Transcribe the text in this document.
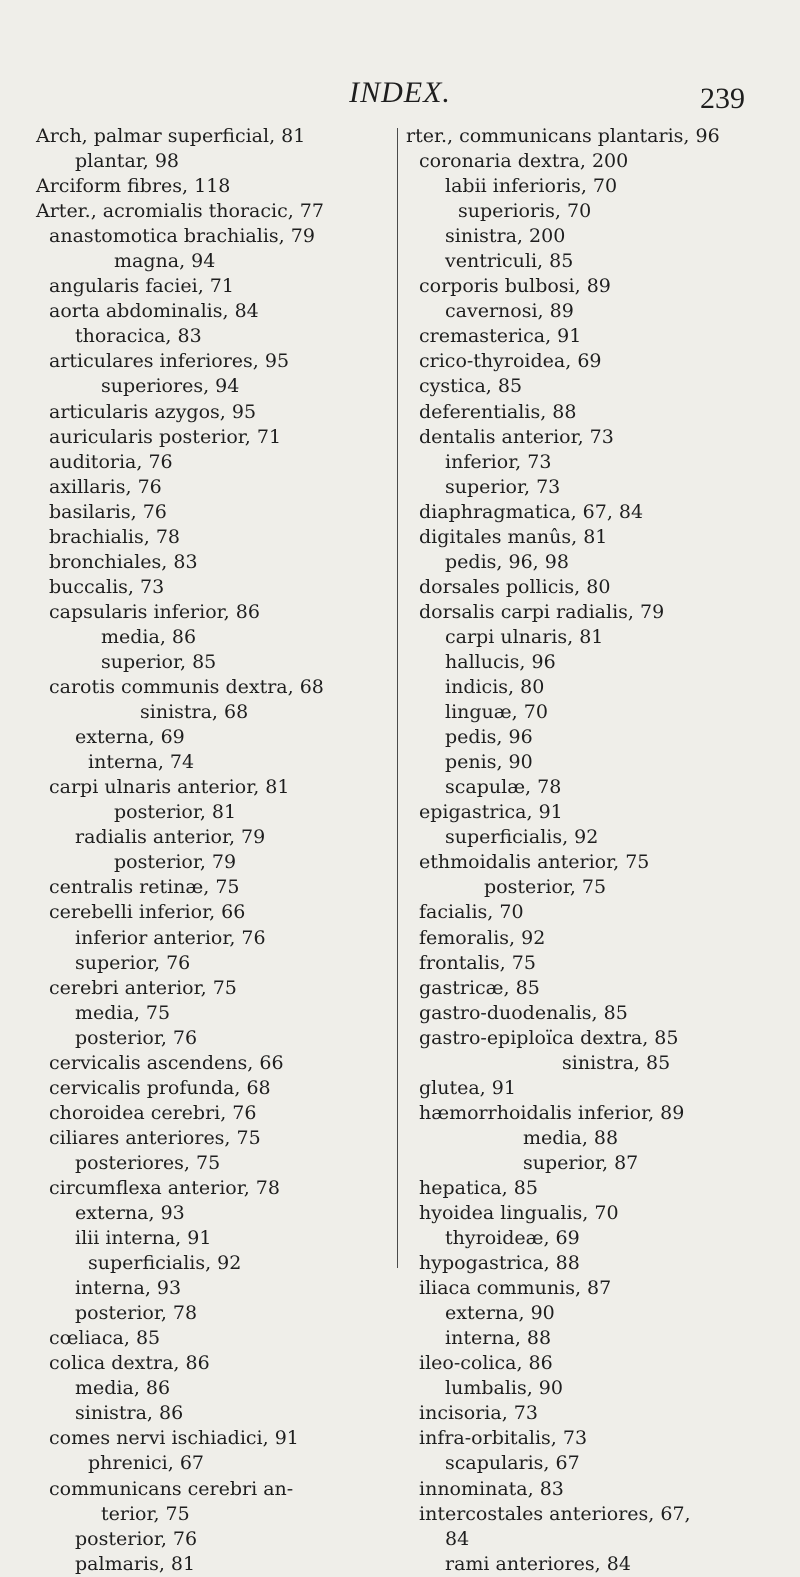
INDEX.	239
Arch, palmar superficial, 81
plantar, 98
Arciform fibres, 118
Arter., acromialis thoracic, 77
anastomotica brachialis, 79
magna, 94
angularis faciei, 71
aorta abdominalis, 84
thoracica, 83
articulares inferiores, 95
superiores, 94
articularis azygos, 95
auricularis posterior, 71
auditoria, 76
axillaris, 76
basilaris, 76
brachialis, 78
bronchiales, 83
buccalis, 73
capsularis inferior, 86
media, 86
superior, 85
carotis communis dextra, 68
sinistra, 68
externa, 69
interna, 74
carpi ulnaris anterior, 81
posterior, 81
radialis anterior, 79
posterior, 79
centralis retinæ, 75
cerebelli inferior, 66
inferior anterior, 76
superior, 76
cerebri anterior, 75
media, 75
posterior, 76
cervicalis ascendens, 66
cervicalis profunda, 68
choroidea cerebri, 76
ciliares anteriores, 75
posteriores, 75
circumflexa anterior, 78
externa, 93
ilii interna, 91
superficialis, 92
interna, 93
posterior, 78
cœliaca, 85
colica dextra, 86
media, 86
sinistra, 86
comes nervi ischiadici, 91
phrenici, 67
communicans cerebri an-
terior, 75
posterior, 76
palmaris, 81
rter., communicans plantaris, 96
coronaria dextra, 200
labii inferioris, 70
superioris, 70
sinistra, 200
ventriculi, 85
corporis bulbosi, 89
cavernosi, 89
cremasterica, 91
crico-thyroidea, 69
cystica, 85
deferentialis, 88
dentalis anterior, 73
inferior, 73
superior, 73
diaphragmatica, 67, 84
digitales manûs, 81
pedis, 96, 98
dorsales pollicis, 80
dorsalis carpi radialis, 79
carpi ulnaris, 81
hallucis, 96
indicis, 80
linguæ, 70
pedis, 96
penis, 90
scapulæ, 78
epigastrica, 91
superficialis, 92
ethmoidalis anterior, 75
posterior, 75
facialis, 70
femoralis, 92
frontalis, 75
gastricæ, 85
gastro-duodenalis, 85
gastro-epiploïca dextra, 85
sinistra, 85
glutea, 91
hæmorrhoidalis inferior, 89
media, 88
superior, 87
hepatica, 85
hyoidea lingualis, 70
thyroideæ, 69
hypogastrica, 88
iliaca communis, 87
externa, 90
interna, 88
ileo-colica, 86
lumbalis, 90
incisoria, 73
infra-orbitalis, 73
scapularis, 67
innominata, 83
intercostales anteriores, 67,
84
rami anteriores, 84
